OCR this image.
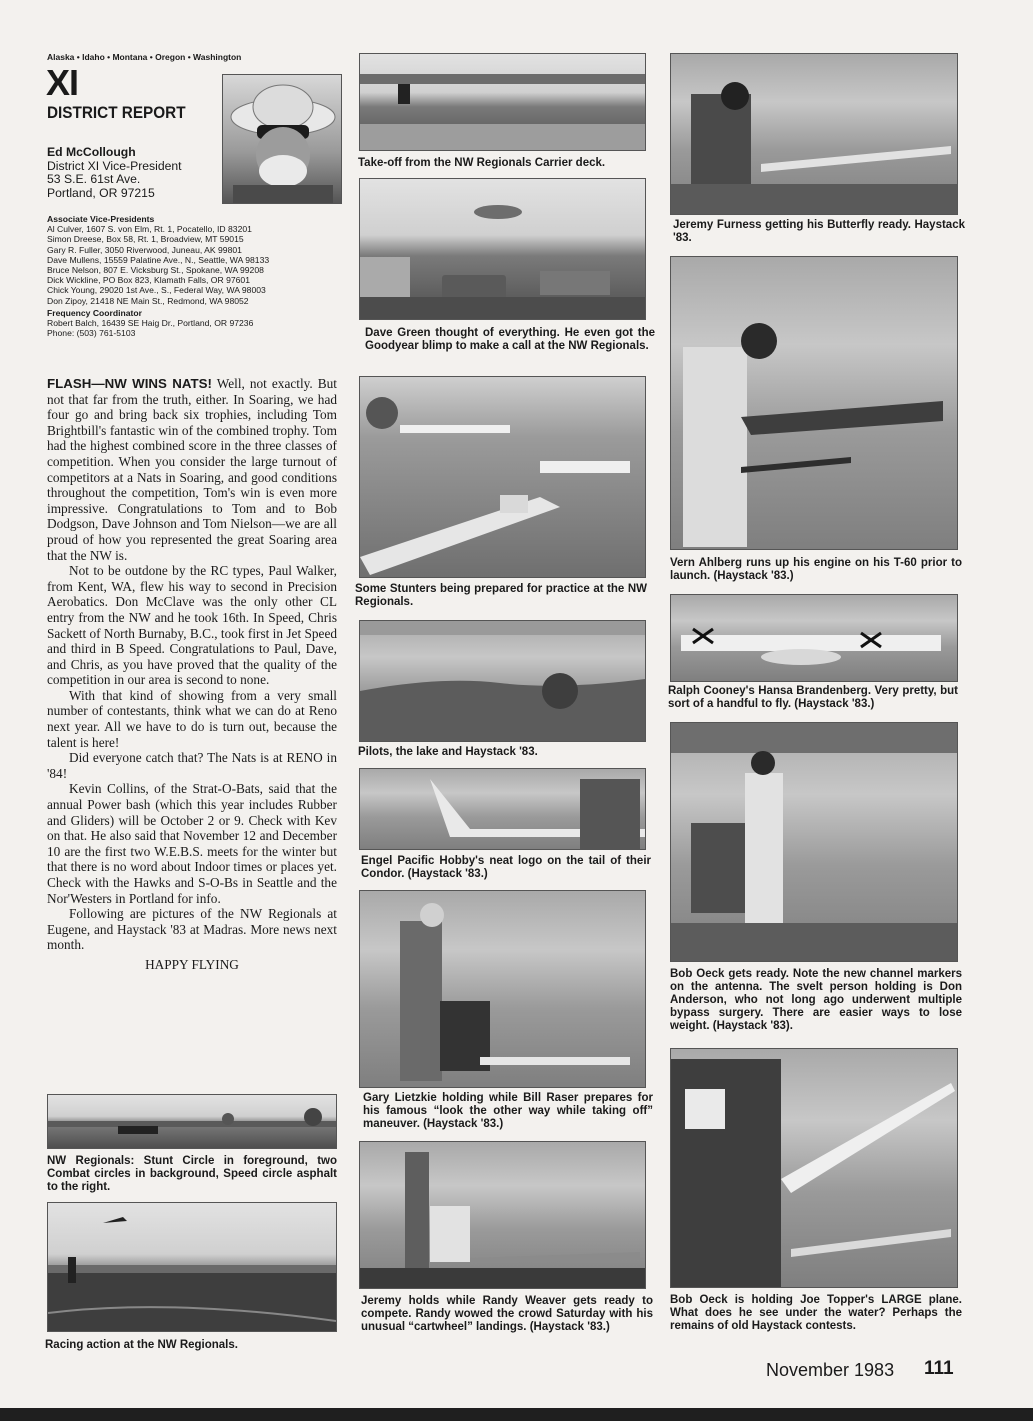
Alaska • Idaho • Montana • Oregon • Washington
XI
DISTRICT REPORT
Ed McCollough
District XI Vice-President
53 S.E. 61st Ave.
Portland, OR 97215
Associate Vice-Presidents
Al Culver, 1607 S. von Elm, Rt. 1, Pocatello, ID 83201
Simon Dreese, Box 58, Rt. 1, Broadview, MT 59015
Gary R. Fuller, 3050 Riverwood, Juneau, AK 99801
Dave Mullens, 15559 Palatine Ave., N., Seattle, WA 98133
Bruce Nelson, 807 E. Vicksburg St., Spokane, WA 99208
Dick Wickline, PO Box 823, Klamath Falls, OR 97601
Chick Young, 29020 1st Ave., S., Federal Way, WA 98003
Don Zipoy, 21418 NE Main St., Redmond, WA 98052
Frequency Coordinator
Robert Balch, 16439 SE Haig Dr., Portland, OR 97236
Phone: (503) 761-5103

FLASH—NW WINS NATS! Well, not exactly. But not that far from the truth, either. In Soaring, we had four go and bring back six trophies, including Tom Brightbill's fantastic win of the combined trophy. Tom had the highest combined score in the three classes of competition. When you consider the large turnout of competitors at a Nats in Soaring, and good conditions throughout the competition, Tom's win is even more impressive. Congratulations to Tom and to Bob Dodgson, Dave Johnson and Tom Nielson—we are all proud of how you represented the great Soaring area that the NW is.

Not to be outdone by the RC types, Paul Walker, from Kent, WA, flew his way to second in Precision Aerobatics. Don McClave was the only other CL entry from the NW and he took 16th. In Speed, Chris Sackett of North Burnaby, B.C., took first in Jet Speed and third in B Speed. Congratulations to Paul, Dave, and Chris, as you have proved that the quality of the competition in our area is second to none.

With that kind of showing from a very small number of contestants, think what we can do at Reno next year. All we have to do is turn out, because the talent is here!

Did everyone catch that? The Nats is at RENO in '84!

Kevin Collins, of the Strat-O-Bats, said that the annual Power bash (which this year includes Rubber and Gliders) will be October 2 or 9. Check with Kev on that. He also said that November 12 and December 10 are the first two W.E.B.S. meets for the winter but that there is no word about Indoor times or places yet. Check with the Hawks and S-O-Bs in Seattle and the Nor'Westers in Portland for info.

Following are pictures of the NW Regionals at Eugene, and Haystack '83 at Madras. More news next month.

HAPPY FLYING
NW Regionals: Stunt Circle in foreground, two Combat circles in background, Speed circle asphalt to the right.
Racing action at the NW Regionals.
Take-off from the NW Regionals Carrier deck.
Dave Green thought of everything. He even got the Goodyear blimp to make a call at the NW Regionals.
Some Stunters being prepared for practice at the NW Regionals.
Pilots, the lake and Haystack '83.
Engel Pacific Hobby's neat logo on the tail of their Condor. (Haystack '83.)
Gary Lietzkie holding while Bill Raser prepares for his famous “look the other way while taking off” maneuver. (Haystack '83.)
Jeremy holds while Randy Weaver gets ready to compete. Randy wowed the crowd Saturday with his unusual “cartwheel” landings. (Haystack '83.)
Jeremy Furness getting his Butterfly ready. Haystack '83.
Vern Ahlberg runs up his engine on his T-60 prior to launch. (Haystack '83.)
Ralph Cooney's Hansa Brandenberg. Very pretty, but sort of a handful to fly. (Haystack '83.)
Bob Oeck gets ready. Note the new channel markers on the antenna. The svelt person holding is Don Anderson, who not long ago underwent multiple bypass surgery. There are easier ways to lose weight. (Haystack '83).
Bob Oeck is holding Joe Topper's LARGE plane. What does he see under the water? Perhaps the remains of old Haystack contests.
November 1983 111
